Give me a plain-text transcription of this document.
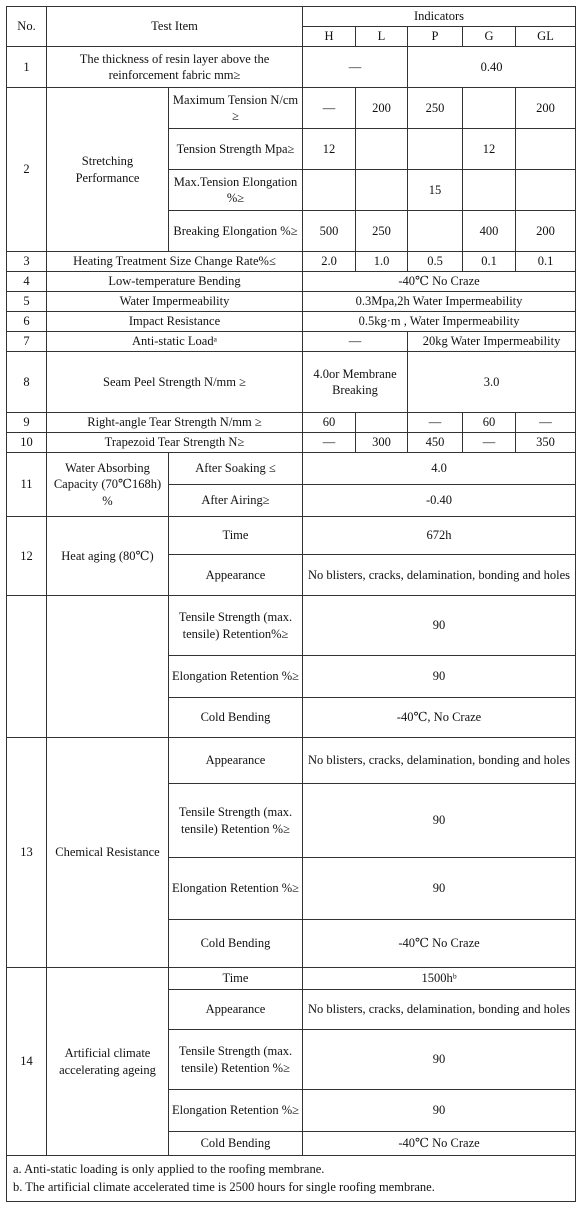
No.	Test Item		Indicators				
			H	L	P	G	GL
1	The thickness of resin layer above the reinforcement fabric mm≥		—		0.40		
2	Stretching Performance	Maximum Tension N/cm ≥	—	200	250		200
		Tension Strength Mpa≥	12			12	
		Max.Tension Elongation %≥			15		
		Breaking Elongation %≥	500	250		400	200
3	Heating Treatment Size Change Rate%≤		2.0	1.0	0.5	0.1	0.1
4	Low-temperature Bending		-40℃ No Craze				
5	Water Impermeability		0.3Mpa,2h Water Impermeability				
6	Impact Resistance		0.5kg·m , Water Impermeability				
7	Anti-static Loadᵃ		—		20kg Water Impermeability		
8	Seam Peel Strength N/mm ≥		4.0or Membrane Breaking		3.0		
9	Right-angle Tear Strength N/mm ≥		60		—	60	—
10	Trapezoid Tear Strength N≥		—	300	450	—	350
11	Water Absorbing Capacity (70℃168h) %	After Soaking ≤	4.0				
		After Airing≥	-0.40				
12	Heat aging (80℃)	Time	672h				
		Appearance	No blisters, cracks, delamination, bonding and holes				
		Tensile Strength (max. tensile) Retention%≥	90				
		Elongation Retention %≥	90				
		Cold Bending	-40℃, No Craze				
13	Chemical Resistance	Appearance	No blisters, cracks, delamination, bonding and holes				
		Tensile Strength (max. tensile) Retention %≥	90				
		Elongation Retention %≥	90				
		Cold Bending	-40℃ No Craze				
14	Artificial climate accelerating ageing	Time	1500hᵇ				
		Appearance	No blisters, cracks, delamination, bonding and holes				
		Tensile Strength (max. tensile) Retention %≥	90				
		Elongation Retention %≥	90				
		Cold Bending	-40℃ No Craze				

a. Anti-static loading is only applied to the roofing membrane.
b. The artificial climate accelerated time is 2500 hours for single roofing membrane.							
